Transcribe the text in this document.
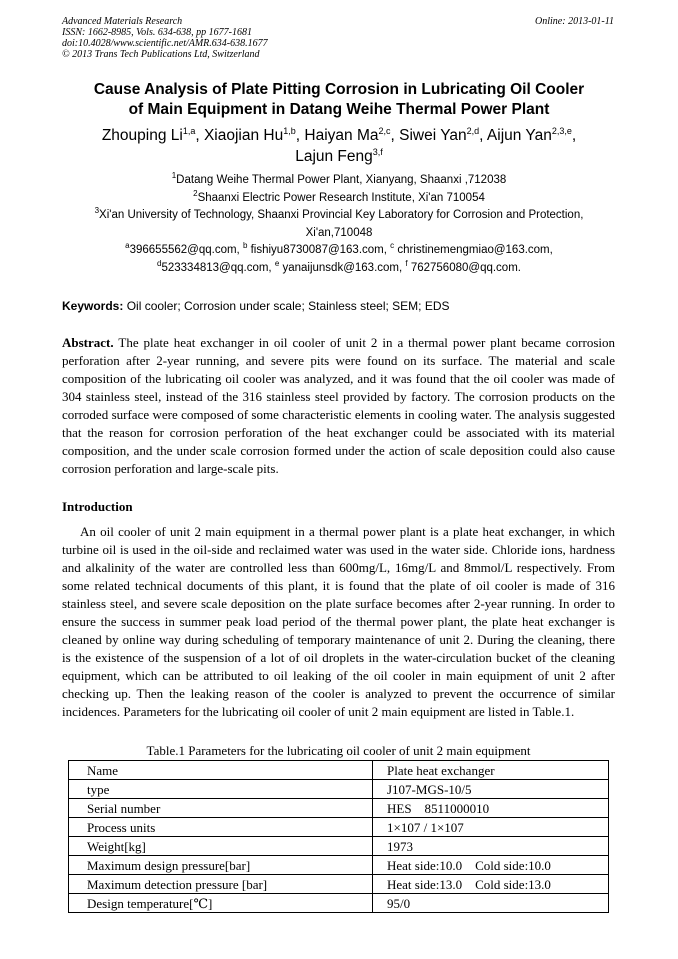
Advanced Materials Research
ISSN: 1662-8985, Vols. 634-638, pp 1677-1681
doi:10.4028/www.scientific.net/AMR.634-638.1677
© 2013 Trans Tech Publications Ltd, Switzerland
Online: 2013-01-11
Cause Analysis of Plate Pitting Corrosion in Lubricating Oil Cooler
of Main Equipment in Datang Weihe Thermal Power Plant
Zhouping Li$^{1,a}$, Xiaojian Hu$^{1,b}$, Haiyan Ma$^{2,c}$, Siwei Yan$^{2,d}$, Aijun Yan$^{2,3,e}$,
Lajun Feng$^{3,f}$
$^1$Datang Weihe Thermal Power Plant, Xianyang, Shaanxi ,712038
$^2$Shaanxi Electric Power Research Institute, Xi'an 710054
$^3$Xi'an University of Technology, Shaanxi Provincial Key Laboratory for Corrosion and Protection, Xi'an,710048
$^a$396655562@qq.com, $^b$ fishiyu8730087@163.com, $^c$ christinemengmiao@163.com,
$^d$523334813@qq.com, $^e$ yanaijunsdk@163.com, $^f$ 762756080@qq.com.
Keywords: Oil cooler; Corrosion under scale; Stainless steel; SEM; EDS
Abstract. The plate heat exchanger in oil cooler of unit 2 in a thermal power plant became corrosion perforation after 2-year running, and severe pits were found on its surface. The material and scale composition of the lubricating oil cooler was analyzed, and it was found that the oil cooler was made of 304 stainless steel, instead of the 316 stainless steel provided by factory. The corrosion products on the corroded surface were composed of some characteristic elements in cooling water. The analysis suggested that the reason for corrosion perforation of the heat exchanger could be associated with its material composition, and the under scale corrosion formed under the action of scale deposition could also cause corrosion perforation and large-scale pits.
Introduction
An oil cooler of unit 2 main equipment in a thermal power plant is a plate heat exchanger, in which turbine oil is used in the oil-side and reclaimed water was used in the water side. Chloride ions, hardness and alkalinity of the water are controlled less than 600mg/L, 16mg/L and 8mmol/L respectively. From some related technical documents of this plant, it is found that the plate of oil cooler is made of 316 stainless steel, and severe scale deposition on the plate surface becomes after 2-year running. In order to ensure the success in summer peak load period of the thermal power plant, the plate heat exchanger is cleaned by online way during scheduling of temporary maintenance of unit 2. During the cleaning, there is the existence of the suspension of a lot of oil droplets in the water-circulation bucket of the cleaning equipment, which can be attributed to oil leaking of the oil cooler in main equipment of unit 2 after checking up. Then the leaking reason of the cooler is analyzed to prevent the occurrence of similar incidences. Parameters for the lubricating oil cooler of unit 2 main equipment are listed in Table.1.
Table.1 Parameters for the lubricating oil cooler of unit 2 main equipment
Name	Plate heat exchanger
type	J107-MGS-10/5
Serial number	HES    8511000010
Process units	1×107 / 1×107
Weight[kg]	1973
Maximum design pressure[bar]	Heat side:10.0    Cold side:10.0
Maximum detection pressure [bar]	Heat side:13.0    Cold side:13.0
Design temperature[℃]	95/0
